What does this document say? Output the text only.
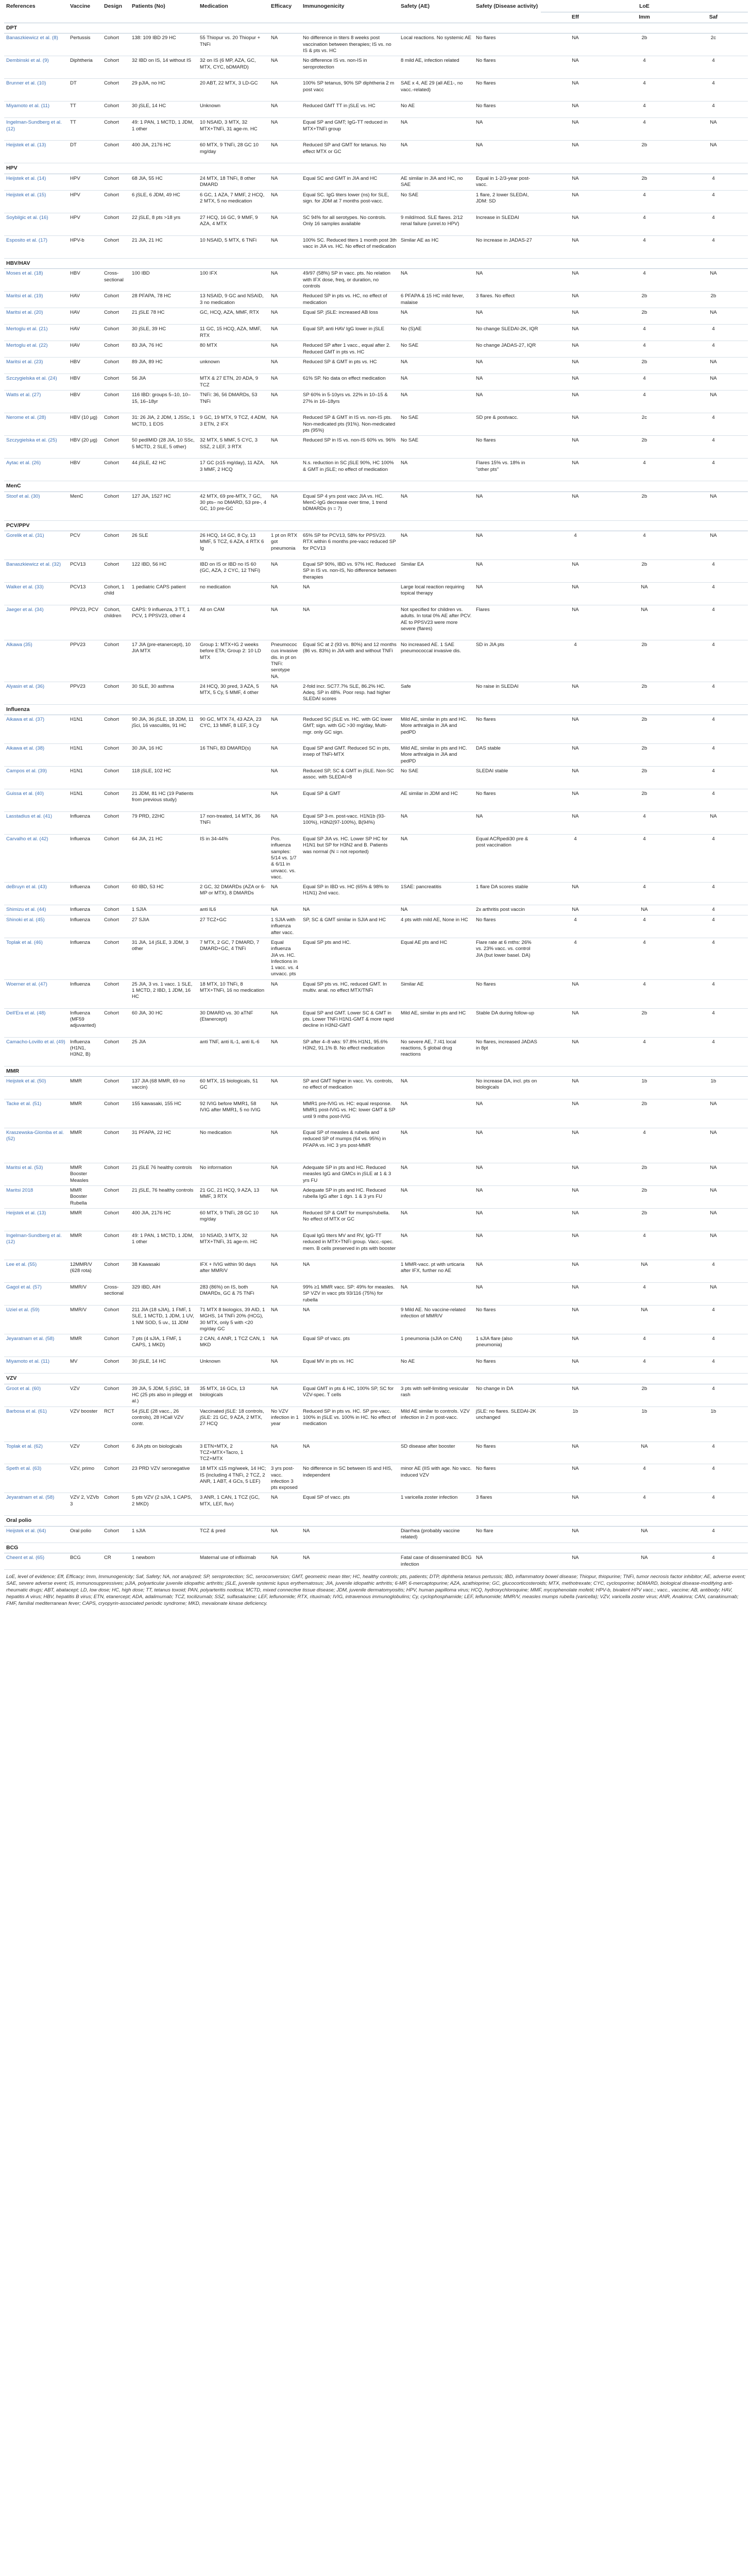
References	Vaccine	Design	Patients (No)	Medication	Efficacy	Immunogenicity	Safety (AE)	Safety (Disease activity)	LoE		
									Eff	Imm	Saf
DPT											
Banaszkiewicz et al. (8)	Pertussis	Cohort	138: 109 IBD 29 HC	55 Thiopur vs. 20 Thiopur + TNFi	NA	No difference in titers 8 weeks post vaccination between therapies; IS vs. no IS & pts vs. HC	Local reactions. No systemic AE	No flares	NA	2b	2c
Dembinski et al. (9)	Diphtheria	Cohort	32 IBD on IS, 14 without IS	32 on IS (6 MP, AZA, GC, MTX, CYC, bDMARD)	NA	No difference IS vs. non-IS in seroprotection	8 mild AE, infection related	No flares	NA	4	4
Brunner et al. (10)	DT	Cohort	29 pJIA, no HC	20 ABT, 22 MTX, 3 LD-GC	NA	100% SP tetanus, 90% SP diphtheria 2 m post vacc	SAE x 4, AE 29 (all AE1-, no vacc.-related)	No flares	NA	4	4
Miyamoto et al. (11)	TT	Cohort	30 jSLE, 14 HC	Unknown	NA	Reduced GMT TT in jSLE vs. HC	No AE	No flares	NA	4	4
Ingelman-Sundberg et al. (12)	TT	Cohort	49: 1 PAN, 1 MCTD, 1 JDM, 1 other	10 NSAID, 3 MTX, 32 MTX+TNFi, 31 age-m. HC	NA	Equal SP and GMT; IgG-TT reduced in MTX+TNFi group	NA	NA	NA	4	NA
Heijstek et al. (13)	DT	Cohort	400 JIA, 2176 HC	60 MTX, 9 TNFi, 28 GC 10 mg/day	NA	Reduced SP and GMT for tetanus. No effect MTX or GC	NA	NA	NA	2b	NA
HPV											
Heijstek et al. (14)	HPV	Cohort	68 JIA, 55 HC	24 MTX, 18 TNFi, 8 other DMARD	NA	Equal SC and GMT in JIA and HC	AE similar in JIA and HC, no SAE	Equal in 1-2/3-year post-vacc.	NA	2b	4
Heijstek et al. (15)	HPV	Cohort	6 jSLE, 6 JDM, 49 HC	6 GC, 1 AZA, 7 MMF, 2 HCQ, 2 MTX, 5 no medication	NA	Equal SC. IgG titers lower (ns) for SLE, sign. for JDM at 7 months post-vacc.	No SAE	1 flare, 2 lower SLEDAI, JDM: SD	NA	4	4
Soybilgic et al. (16)	HPV	Cohort	22 jSLE, 8 pts >18 yrs	27 HCQ, 16 GC, 9 MMF, 9 AZA, 4 MTX	NA	SC 94% for all serotypes. No controls. Only 16 samples available	9 mild/mod. SLE flares. 2/12 renal failure (unrel.to HPV)	Increase in SLEDAI	NA	4	4
Esposito et al. (17)	HPV-b	Cohort	21 JIA, 21 HC	10 NSAID, 5 MTX, 6 TNFi	NA	100% SC. Reduced titers 1 month post 3th vacc in JIA vs. HC. No effect of medication	Similar AE as HC	No increase in JADAS-27	NA	4	4
HBV/HAV											
Moses et al. (18)	HBV	Cross-sectional	100 IBD	100 IFX	NA	49/97 (58%) SP in vacc. pts. No relation with IFX dose, freq, or duration, no controls	NA	NA	NA	4	NA
Maritsi et al. (19)	HAV	Cohort	28 PFAPA, 78 HC	13 NSAID, 9 GC and NSAID, 3 no medication	NA	Reduced SP in pts vs. HC, no effect of medication	6 PFAPA & 15 HC mild fever, malaise	3 flares. No effect	NA	2b	2b
Maritsi et al. (20)	HAV	Cohort	21 jSLE 78 HC	GC, HCQ, AZA, MMF, RTX	NA	Equal SP. jSLE: increased AB loss	NA	NA	NA	2b	NA
Mertoglu et al. (21)	HAV	Cohort	30 jSLE, 39 HC	11 GC, 15 HCQ, AZA, MMF, RTX	NA	Equal SP, anti HAV IgG lower in jSLE	No (S)AE	No change SLEDAI-2K, IQR	NA	4	4
Mertoglu et al. (22)	HAV	Cohort	83 JIA, 76 HC	80 MTX	NA	Reduced SP after 1 vacc., equal after 2. Reduced GMT in pts vs. HC	No SAE	No change JADAS-27, IQR	NA	4	4
Maritsi et al. (23)	HBV	Cohort	89 JIA, 89 HC	unknown	NA	Reduced SP & GMT in pts vs. HC	NA	NA	NA	2b	NA
Szczygielska et al. (24)	HBV	Cohort	56 JIA	MTX & 27 ETN, 20 ADA, 9 TCZ	NA	61% SP. No data on effect medication	NA	NA	NA	4	NA
Watts et al. (27)	HBV	Cohort	116 IBD: groups 5–10, 10–15, 16–18yr	TNFi: 36, 56 DMARDs, 53 TNFi	NA	SP 60% in 5-10yrs vs. 22% in 10–15 & 27% in 16–18yrs	NA	NA	NA	4	NA
Nerome et al. (28)	HBV (10 µg)	Cohort	31: 26 JIA, 2 JDM, 1 JSSc, 1 MCTD, 1 EOS	9 GC, 19 MTX, 9 TCZ, 4 ADM, 3 ETN, 2 IFX	NA	Reduced SP & GMT in IS vs. non-IS pts. Non-medicated pts (91%). Non-medicated pts (95%)	No SAE	SD pre & postvacc.	NA	2c	4
Szczygielska et al. (25)	HBV (20 µg)	Cohort	50 pedIMID (28 JIA, 10 SSc, 5 MCTD, 2 SLE, 5 other)	32 MTX, 5 MMF, 5 CYC, 3 SSZ, 2 LEF, 3 RTX	NA	Reduced SP in IS vs. non-IS 60% vs. 96%	No SAE	No flares	NA	2b	4
Aytac et al. (26)	HBV	Cohort	44 jSLE, 42 HC	17 GC (≥15 mg/day), 11 AZA, 3 MMF, 2 HCQ	NA	N.s. reduction in SC jSLE 90%, HC 100% & GMT in jSLE; no effect of medication	NA	Flares 15% vs. 18% in "other pts"	NA	4	4
MenC											
Stoof et al. (30)	MenC	Cohort	127 JIA, 1527 HC	42 MTX, 69 pre-MTX, 7 GC, 30 pts– no DMARD, 53 pre-, 4 GC, 10 pre-GC	NA	Equal SP 4 yrs post vacc JIA vs. HC. MenC-IgG decrease over time, 1 trend bDMARDs (n = 7)	NA	NA	NA	2b	NA
PCV/PPV											
Gorelik et al. (31)	PCV	Cohort	26 SLE	26 HCQ, 14 GC, 8 Cy, 13 MMF, 5 TCZ, 6 AZA, 4 RTX 6 Ig	1 pt on RTX got pneumonia	65% SP for PCV13, 58% for PPSV23. RTX within 6 months pre-vacc reduced SP for PCV13	NA	NA	4	4	NA
Banaszkiewicz et al. (32)	PCV13	Cohort	122 IBD, 56 HC	IBD on IS or IBD no IS 60 (GC, AZA, 2 CYC, 12 TNFi)	NA	Equal SP 90%, IBD vs. 97% HC. Reduced SP in IS vs. non-IS, No difference between therapies	Similar EA	NA	NA	2b	4
Walker et al. (33)	PCV13	Cohort, 1 child	1 pediatric CAPS patient	no medication	NA	NA	Large local reaction requiring topical therapy	NA	NA	NA	4
Jaeger et al. (34)	PPV23, PCV	Cohort, children	CAPS: 9 influenza, 3 TT, 1 PCV, 1 PPSV23, other 4	All on CAM	NA	NA	Not specified for children vs. adults. In total 0% AE after PCV. AE to PPSV23 were more severe (flares)	Flares	NA	NA	4
Alkawa (35)	PPV23	Cohort	17 JIA (pre-etanercept), 10 JIA MTX	Group 1: MTX+IG 2 weeks before ETA; Group 2: 10 LD MTX	Pneumococcus invasive dis. in pt on TNFi: serotype NA.	Equal SC at 2 (93 vs. 80%) and 12 months (86 vs. 83%) in JIA with and without TNFi	No increased AE. 1 SAE pneumococcal invasive dis.	SD in JIA pts	4	2b	4
Alyasin et al. (36)	PPV23	Cohort	30 SLE, 30 asthma	24 HCQ, 30 pred, 3 AZA, 5 MTX, 5 Cy, 5 MMF, 4 other	NA	2-fold incr. SC77.7% SLE, 86.2% HC. Adeq. SP in 48%. Poor resp. had higher SLEDAI scores	Safe	No raise in SLEDAI	NA	2b	4
Influenza											
Aikawa et al. (37)	H1N1	Cohort	90 JIA, 36 jSLE, 18 JDM, 11 jSci, 16 vasculitis, 91 HC	90 GC, MTX 74, 43 AZA, 23 CYC, 13 MMF, 8 LEF, 3 Cy	NA	Reduced SC jSLE vs. HC. with GC lower GMT; sign. with GC >30 mg/day, Multi-mgr. only GC sign.	Mild AE, similar in pts and HC. More arthralgia in JIA and pedPD	No flares	NA	2b	4
Aikawa et al. (38)	H1N1	Cohort	30 JIA, 16 HC	16 TNFi, 83 DMARD(s)	NA	Equal SP and GMT. Reduced SC in pts, insep of TNFi-MTX	Mild AE, similar in pts and HC. More arthralgia in JIA and pedPD	DAS stable	NA	2b	4
Campos et al. (39)	H1N1	Cohort	118 jSLE, 102 HC		NA	Reduced SP, SC & GMT in jSLE. Non-SC assoc. with SLEDAI>8	No SAE	SLEDAI stable	NA	2b	4
Guissa et al. (40)	H1N1	Cohort	21 JDM, 81 HC (19 Patients from previous study)		NA	Equal SP & GMT	AE similar in JDM and HC	No flares	NA	2b	4
Lasstadius et al. (41)	Influenza	Cohort	79 PRD, 22HC	17 non-treated, 14 MTX, 36 TNFi	NA	Equal SP 3-m. post-vacc. H1N1b (93-100%), H3N2(97-100%), B(94%)	NA	NA	NA	4	NA
Carvalho et al. (42)	Influenza	Cohort	64 JIA, 21 HC	IS in 34-44%	Pos. influenza samples: 5/14 vs. 1/7 & 6/11 in unvacc. vs. vacc.	Equal SP JIA vs. HC. Lower SP HC for H1N1 but SP for H3N2 and B. Patients was normal (N = not reported)	NA	Equal ACRpedi30 pre & post vaccination	4	4	4
deBruyn et al. (43)	Influenza	Cohort	60 IBD, 53 HC	2 GC, 32 DMARDs (AZA or 6-MP or MTX), 8 DMARDs	NA	Equal SP in IBD vs. HC (65% & 98% to H1N1) 2nd vacc.	1SAE: pancreatitis	1 flare DA scores stable	NA	4	4
Shimizu et al. (44)	Influenza	Cohort	1 SJIA	anti IL6	NA	NA	NA	2x arthritis post vaccin	NA	NA	4
Shinoki et al. (45)	Influenza	Cohort	27 SJIA	27 TCZ+GC	1 SJIA with influenza after vacc.	SP, SC & GMT similar in SJIA and HC	4 pts with mild AE, None in HC	No flares	4	4	4
Toplak et al. (46)	Influenza	Cohort	31 JIA, 14 jSLE, 3 JDM, 3 other	7 MTX, 2 GC, 7 DMARD, 7 DMARD+GC, 4 TNFi	Equal influenza JIA vs. HC. Infections in 1 vacc. vs. 4 unvacc. pts	Equal SP pts and HC.	Equal AE pts and HC	Flare rate at 6 mths: 26% vs. 23% vacc. vs. control JIA (but lower basel. DA)	4	4	4
Woerner et al. (47)	Influenza	Cohort	25 JIA, 3 vs. 1 vacc. 1 SLE, 1 MCTD, 2 IBD, 1 JDM, 16 HC	18 MTX, 10 TNFi, 8 MTX+TNFi, 16 no medication	NA	Equal SP pts vs. HC, reduced GMT. In multiv. anal. no effect MTX/TNFi	Similar AE	No flares	NA	4	4
Dell'Era et al. (48)	Influenza (MF59 adjuvanted)	Cohort	60 JIA, 30 HC	30 DMARD vs. 30 aTNF (Etanercept)	NA	Equal SP and GMT. Lower SC & GMT in pts. Lower TNFi H1N1-GMT & more rapid decline in H3N2-GMT	Mild AE, similar in pts and HC	Stable DA during follow-up	NA	2b	4
Camacho-Lovillo et al. (49)	Influenza (H1N1, H3N2, B)	Cohort	25 JIA	anti TNF, anti IL-1, anti IL-6	NA	SP after 4–8 wks: 97.8% H1N1, 95.6% H3N2, 91.1% B. No effect medication	No severe AE, 7 /41 local reactions, 5 global drug reactions	No flares, increased JADAS in 8pt	NA	4	4
MMR											
Heijstek et al. (50)	MMR	Cohort	137 JIA (68 MMR, 69 no vaccin)	60 MTX, 15 biologicals, 51 GC	NA	SP and GMT higher in vacc. Vs. controls, no effect of medication	NA	No increase DA, incl. pts on biologicals	NA	1b	1b
Tacke et al. (51)	MMR	Cohort	155 kawasaki, 155 HC	92 IVIG before MMR1, 58 IVIG after MMR1, 5 no IVIG	NA	MMR1 pre-IVIG vs. HC: equal response. MMR1 post-IVIG vs. HC: lower GMT & SP until 9 mths post-IVIG	NA	NA	NA	2b	NA
Kraszewska-Glomba et al. (52)	MMR	Cohort	31 PFAPA, 22 HC	No medication	NA	Equal SP of measles & rubella and reduced SP of mumps (64 vs. 95%) in PFAPA vs. HC 3 yrs post-MMR	NA	NA	NA	4	NA
Maritsi et al. (53)	MMR Booster Measles	Cohort	21 jSLE 76 healthy controls	No information	NA	Adequate SP in pts and HC. Reduced measles IgG and GMCs in jSLE at 1 & 3 yrs FU	NA	NA	NA	2b	NA
Maritsi 2018	MMR Booster Rubella	Cohort	21 jSLE, 76 healthy controls	21 GC, 21 HCQ, 9 AZA, 13 MMF, 3 RTX	NA	Adequate SP in pts and HC. Reduced rubella IgG after 1 dgn. 1 & 3 yrs FU	NA	NA	NA	2b	NA
Heijstek et al. (13)	MMR	Cohort	400 JIA, 2176 HC	60 MTX, 9 TNFi, 28 GC 10 mg/day	NA	Reduced SP & GMT for mumps/rubella. No effect of MTX or GC	NA	NA	NA	2b	NA
Ingelman-Sundberg et al. (12)	MMR	Cohort	49: 1 PAN, 1 MCTD, 1 JDM, 1 other	10 NSAID, 3 MTX, 32 MTX+TNFi, 31 age-m. HC	NA	Equal IgG titers MV and RV, IgG-TT reduced in MTX+TNFi group. Vacc.-spec. mem. B cells preserved in pts with booster	NA	NA	NA	4	NA
Lee et al. (55)	12MMR/V (628 rota)	Cohort	38 Kawasaki	IFX + IVIG within 90 days after MMR/V	NA	NA	1 MMR-vacc. pt with urticaria after IFX, further no AE	NA	NA	NA	4
Gagol et al. (57)	MMR/V	Cross-sectional	329 IBD, AIH	283 (86%) on IS, both DMARDs, GC & 75 TNFi	NA	99% ≥1 MMR vacc. SP: 49% for measles. SP VZV in vacc pts 93/116 (75%) for rubella	NA	NA	NA	4	NA
Uziel et al. (59)	MMR/V	Cohort	211 JIA (18 sJIA), 1 FMF, 1 SLE, 1 MCTD, 1 JDM, 1 UV, 1 NM SOD, 5 uv., 11 JDM	71 MTX 8 biologics, 39 AID, 1 MGHS, 14 TNFi 20% (HCG), 30 MTX, only 5 with <20 mg/day GC	NA	NA	9 Mild AE. No vaccine-related infection of MMR/V	No flares	NA	NA	4
Jeyaratnam et al. (58)	MMR	Cohort	7 pts (4 sJIA, 1 FMF, 1 CAPS, 1 MKD)	2 CAN, 4 ANR, 1 TCZ CAN, 1 MKD	NA	Equal SP of vacc. pts	1 pneumonia (sJIA on CAN)	1 sJIA flare (also pneumonia)	NA	4	4
Miyamoto et al. (11)	MV	Cohort	30 jSLE, 14 HC	Unknown	NA	Equal MV in pts vs. HC	No AE	No flares	NA	4	4
VZV											
Groot et al. (60)	VZV	Cohort	39 JIA, 5 JDM, 5 jSSC, 18 HC (25 pts also in pileggi et al.)	35 MTX, 16 GCs, 13 biologicals	NA	Equal GMT in pts & HC, 100% SP, SC for VZV-spec. T cells	3 pts with self-limiting vesicular rash	No change in DA	NA	2b	4
Barbosa et al. (61)	VZV booster	RCT	54 jSLE (28 vacc., 26 controls), 28 HCall VZV contr.	Vaccinated jSLE: 18 controls, jSLE: 21 GC, 9 AZA, 2 MTX, 27 HCQ	No VZV infection in 1 year	Reduced SP in pts vs. HC. SP pre-vacc. 100% in jSLE vs. 100% in HC. No effect of medication	Mild AE similar to controls. VZV infection in 2 m post-vacc.	jSLE: no flares. SLEDAI-2K unchanged	1b	1b	1b
Toplak et al. (62)	VZV	Cohort	6 JIA pts on biologicals	3 ETN+MTX, 2 TCZ+MTX+Tacro, 1 TCZ+MTX	NA	NA	SD disease after booster	No flares	NA	NA	4
Speth et al. (63)	VZV, primo	Cohort	23 PRD VZV seronegative	18 MTX ≤15 mg/week, 14 HC; IS (including 4 TNFi, 2 TCZ, 2 ANR, 1 ABT, 4 GCs, 5 LEF)	3 yrs post-vacc. infection 3 pts exposed	No difference in SC between IS and HIS, independent	minor AE (IIS with age. No vacc. induced VZV	No flares	NA	4	4
Jeyaratnam et al. (58)	VZV 2, VZVb 3	Cohort	5 pts VZV (2 sJIA, 1 CAPS, 2 MKD)	3 ANR, 1 CAN, 1 TCZ (GC, MTX, LEF, fluv)	NA	Equal SP of vacc. pts	1 varicella zoster infection	3 flares	NA	4	4
Oral polio											
Heijstek et al. (64)	Oral polio	Cohort	1 sJIA	TCZ & pred	NA	NA	Diarrhea (probably vaccine related)	No flare	NA	NA	4
BCG											
Cheent et al. (65)	BCG	CR	1 newborn	Maternal use of infliximab	NA	NA	Fatal case of disseminated BCG infection	NA	NA	NA	4
LoE, level of evidence; Eff, Efficacy; Imm, Immunogenicity; Saf, Safety; NA, not analyzed; SP, seroprotection; SC, seroconversion; GMT, geometric mean titer; HC, healthy controls; pts, patients; DTP, diphtheria tetanus pertussis; IBD, inflammatory bowel disease; Thiopur, thiopurine; TNFi, tumor necrosis factor inhibitor; AE, adverse event; SAE, severe adverse event; IS, immunosuppressives; pJIA, polyarticular juvenile idiopathic arthritis; jSLE, juvenile systemic lupus erythematosus; JIA, juvenile idiopathic arthritis; 6-MP, 6-mercaptopurine; AZA, azathioprine; GC, glucocorticosteroids; MTX, methotrexate; CYC, cyclosporine; bDMARD, biological disease-modifying anti-rheumatic drugs; ABT, abatacept; LD, low dose; HC, high dose; TT, tetanus toxoid; PAN, polyarteritis nodosa; MCTD, mixed connective tissue disease; JDM, juvenile dermatomyositis; HPV, human papilloma virus; HCQ, hydroxychloroquine; MMF, mycophenolate mofetil; HPV-b, bivalent HPV vacc.; vacc., vaccine; AB, antibody; HAV, hepatitis A virus; HBV, hepatitis B virus; ETN, etanercept; ADA, adalimumab; TCZ, tocilizumab; SSZ, sulfasalazine; LEF, leflunomide; RTX, rituximab; IVIG, intravenous immunoglobulins; Cy, cyclophosphamide; LEF, leflunomide; MMR/V, measles mumps rubella (varicella); VZV, varicella zoster virus; ANR, Anakinra; CAN, canakinumab; FMF, familial mediterranean fever; CAPS, cryopyrin-associated periodic syndrome; MKD, mevalonate kinase deficiency.
